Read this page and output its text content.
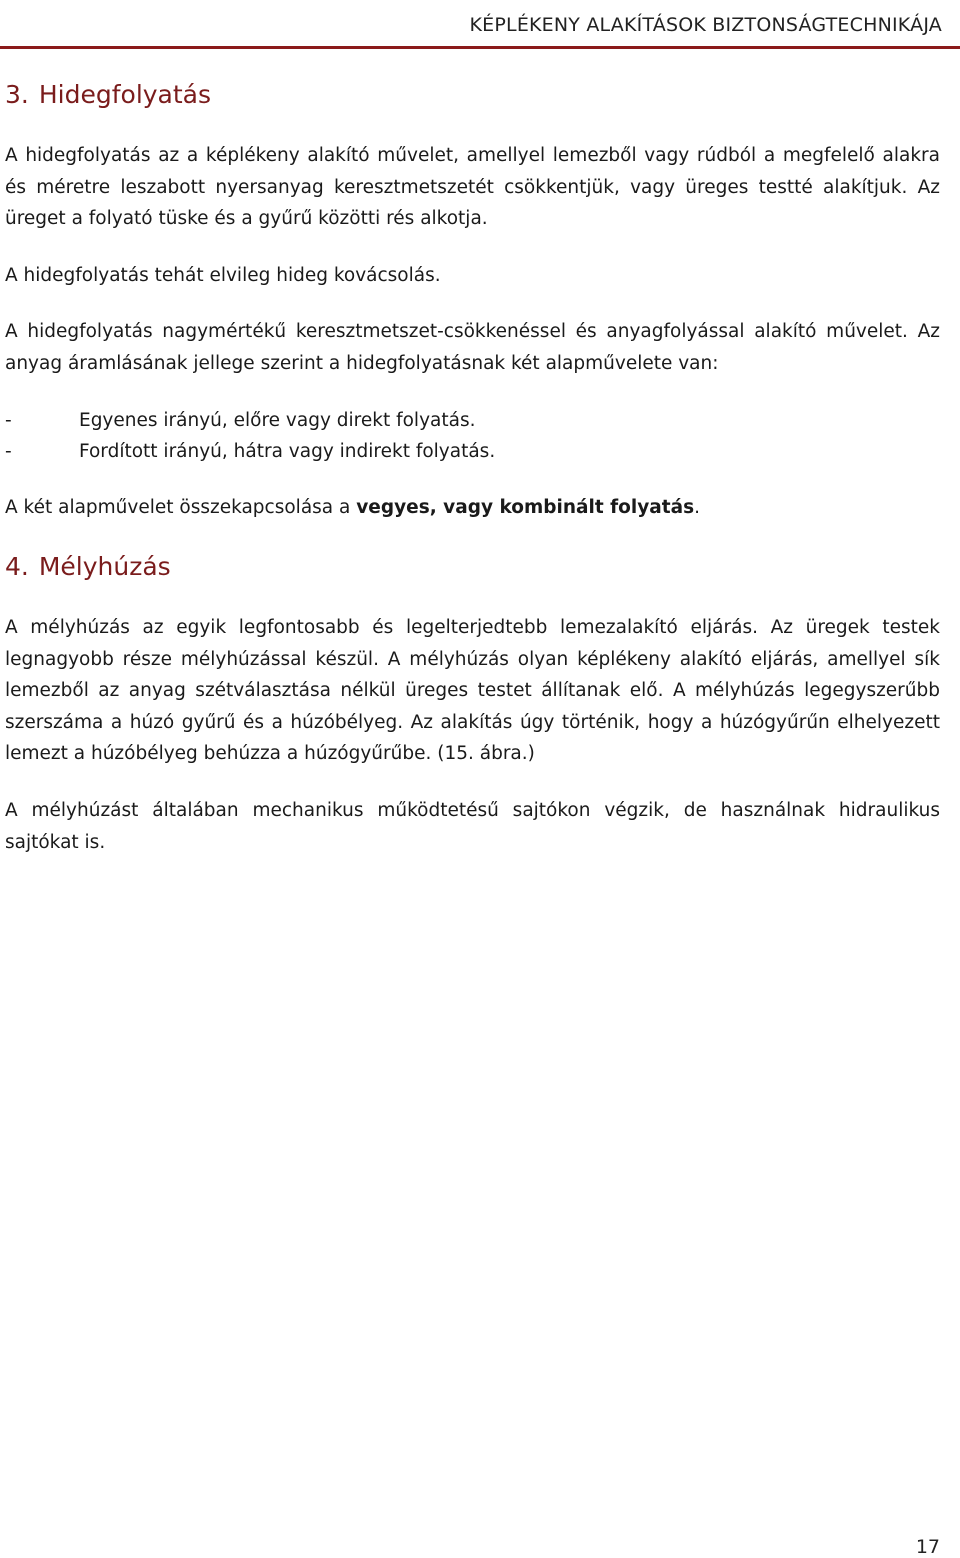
KÉPLÉKENY ALAKÍTÁSOK BIZTONSÁGTECHNIKÁJA
3. Hidegfolyatás
A hidegfolyatás az a képlékeny alakító művelet, amellyel lemezből vagy rúdból a megfelelő alakra és méretre leszabott nyersanyag keresztmetszetét csökkentjük, vagy üreges testté alakítjuk. Az üreget a folyató tüske és a gyűrű közötti rés alkotja.
A hidegfolyatás tehát elvileg hideg kovácsolás.
A hidegfolyatás nagymértékű keresztmetszet-csökkenéssel és anyagfolyással alakító művelet. Az anyag áramlásának jellege szerint a hidegfolyatásnak két alapművelete van:
-	Egyenes irányú, előre vagy direkt folyatás.
-	Fordított irányú, hátra vagy indirekt folyatás.
A két alapművelet összekapcsolása a vegyes, vagy kombinált folyatás.
4. Mélyhúzás
A mélyhúzás az egyik legfontosabb és legelterjedtebb lemezalakító eljárás. Az üregek testek legnagyobb része mélyhúzással készül. A mélyhúzás olyan képlékeny alakító eljárás, amellyel sík lemezből az anyag szétválasztása nélkül üreges testet állítanak elő. A mélyhúzás legegyszerűbb szerszáma a húzó gyűrű és a húzóbélyeg. Az alakítás úgy történik, hogy a húzógyűrűn elhelyezett lemezt a húzóbélyeg behúzza a húzógyűrűbe. (15. ábra.)
A mélyhúzást általában mechanikus működtetésű sajtókon végzik, de használnak hidraulikus sajtókat is.
17
